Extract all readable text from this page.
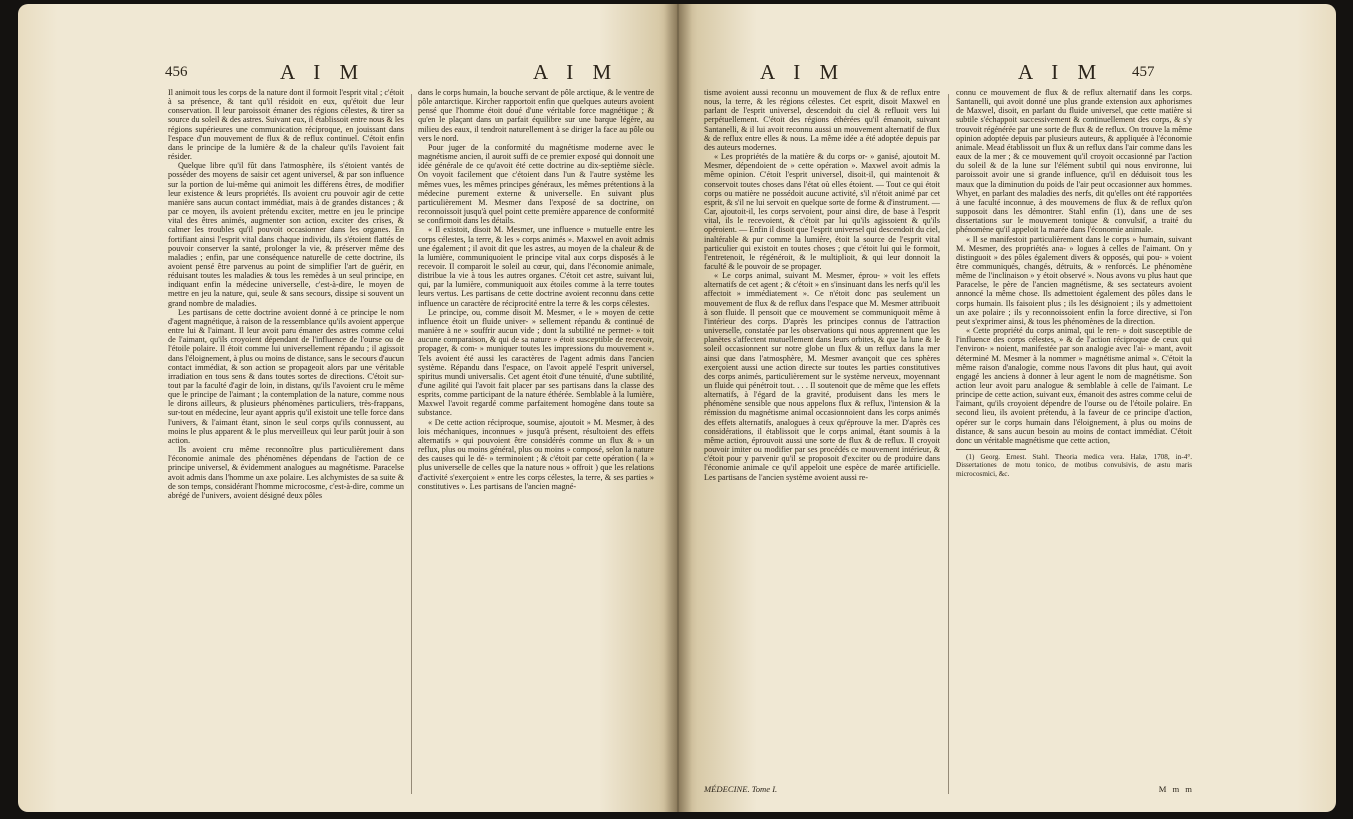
456	A I M	A I M

Il animoit tous les corps de la nature dont il formoit l'esprit vital ; c'étoit à sa présence, & tant qu'il résidoit en eux, qu'étoit due leur conservation. Il leur paroissoit émaner des régions célestes, & tirer sa source du soleil & des astres. Suivant eux, il établissoit entre nous & les régions supérieures une communication réciproque, en jouissant dans l'espace d'un mouvement de flux & de reflux continuel. C'étoit enfin dans le principe de la lumière & de la chaleur qu'ils l'avoient fait résider.

Quelque libre qu'il fût dans l'atmosphère, ils s'étoient vantés de posséder des moyens de saisir cet agent universel, & par son influence sur la portion de lui-même qui animoit les différens êtres, de modifier leur existence & leurs propriétés. Ils avoient cru pouvoir agir de cette manière sans aucun contact immédiat, mais à de grandes distances ; & par ce moyen, ils avoient prétendu exciter, mettre en jeu le principe vital des êtres animés, augmenter son action, exciter des crises, & calmer les troubles qu'il pouvoit occasionner dans les organes. En fortifiant ainsi l'esprit vital dans chaque individu, ils s'étoient flattés de pouvoir conserver la santé, prolonger la vie, & préserver même des maladies ; enfin, par une conséquence naturelle de cette doctrine, ils avoient pensé être parvenus au point de simplifier l'art de guérir, en réduisant toutes les maladies & tous les remèdes à un seul principe, en indiquant enfin la médecine universelle, c'est-à-dire, le moyen de mettre en jeu la nature, qui, seule & sans secours, dissipe si souvent un grand nombre de maladies.

Les partisans de cette doctrine avoient donné à ce principe le nom d'agent magnétique, à raison de la ressemblance qu'ils avoient apperçue entre lui & l'aimant. Il leur avoit paru émaner des astres comme celui de l'aimant, qu'ils croyoient dépendant de l'influence de l'ourse ou de l'étoile polaire. Il étoit comme lui universellement répandu ; il agissoit dans l'éloignement, à plus ou moins de distance, sans le secours d'aucun contact immédiat, & son action se propageoit alors par une véritable irradiation en tous sens & dans toutes sortes de directions. C'étoit sur-tout par la faculté d'agir de loin, in distans, qu'ils l'avoient cru le même que le principe de l'aimant ; la contemplation de la nature, comme nous le dirons ailleurs, & plusieurs phénomènes particuliers, très-frappans, sur-tout en médecine, leur ayant appris qu'il existoit une telle force dans l'univers, & l'aimant étant, sinon le seul corps qu'ils connussent, au moins le plus apparent & le plus merveilleux qui leur parût jouir à son action.

Ils avoient cru même reconnoître plus particulièrement dans l'économie animale des phénomènes dépendans de l'action de ce principe universel, & évidemment analogues au magnétisme. Paracelse avoit admis dans l'homme un axe polaire. Les alchymistes de sa suite & de son temps, considérant l'homme microcosme, c'est-à-dire, comme un abrégé de l'univers, avoient désigné deux pôles

dans le corps humain, la bouche servant de pôle arctique, & le ventre de pôle antarctique. Kircher rapportoit enfin que quelques auteurs avoient pensé que l'homme étoit doué d'une véritable force magnétique ; & qu'en le plaçant dans un parfait équilibre sur une barque légère, au milieu des eaux, il tendroit naturellement à se diriger la face au pôle ou vers le nord.

Pour juger de la conformité du magnétisme moderne avec le magnétisme ancien, il auroit suffi de ce premier exposé qui donnoit une idée générale de ce qu'avoit été cette doctrine au dix-septième siècle. On voyoit facilement que c'étoient dans l'un & l'autre système les mêmes vues, les mêmes principes généraux, les mêmes prétentions à la médecine purement externe & universelle. En suivant plus particulièrement M. Mesmer dans l'exposé de sa doctrine, on reconnoissoit jusqu'à quel point cette première apparence de conformité se confirmoit dans les détails.

« Il existoit, disoit M. Mesmer, une influence » mutuelle entre les corps célestes, la terre, & les » corps animés ». Maxwel en avoit admis une également ; il avoit dit que les astres, au moyen de la chaleur & de la lumière, communiquoient le principe vital aux corps disposés à le recevoir. Il comparoit le soleil au cœur, qui, dans l'économie animale, distribue la vie à tous les autres organes. C'étoit cet astre, suivant lui, qui, par la lumière, communiquoit aux étoiles comme à la terre toutes leurs vertus. Les partisans de cette doctrine avoient reconnu dans cette influence un caractère de réciprocité entre la terre & les corps célestes.

Le principe, ou, comme disoit M. Mesmer, « le » moyen de cette influence étoit un fluide univer- » sellement répandu & continué de manière à ne » souffrir aucun vide ; dont la subtilité ne permet- » toit aucune comparaison, & qui de sa nature » étoit susceptible de recevoir, propager, & com- » muniquer toutes les impressions du mouvement ». Tels avoient été aussi les caractères de l'agent admis dans l'ancien système. Répandu dans l'espace, on l'avoit appelé l'esprit universel, spiritus mundi universalis. Cet agent étoit d'une ténuité, d'une subtilité, d'une agilité qui l'avoit fait placer par ses partisans dans la classe des esprits, comme participant de la nature éthérée. Semblable à la lumière, Maxwel l'avoit regardé comme parfaitement homogène dans toute sa substance.

« De cette action réciproque, soumise, ajoutoit » M. Mesmer, à des lois méchaniques, inconnues » jusqu'à présent, résultoient des effets alternatifs » qui pouvoient être considérés comme un flux & » un reflux, plus ou moins général, plus ou moins » composé, selon la nature des causes qui le dé- » terminoient ; & c'étoit par cette opération ( la » plus universelle de celles que la nature nous » offroit ) que les relations d'activité s'exerçoient » entre les corps célestes, la terre, & ses parties » constitutives ». Les partisans de l'ancien magné-

A I M	A I M 457

tisme avoient aussi reconnu un mouvement de flux & de reflux entre nous, la terre, & les régions célestes. Cet esprit, disoit Maxwel en parlant de l'esprit universel, descendoit du ciel & refluoit vers lui perpétuellement. C'étoit des régions éthérées qu'il émanoit, suivant Santanelli, & il lui avoit reconnu aussi un mouvement alternatif de flux & de reflux entre elles & nous. La même idée a été adoptée depuis par des auteurs modernes.

« Les propriétés de la matière & du corps or- » ganisé, ajoutoit M. Mesmer, dépendoient de » cette opération ». Maxwel avoit admis la même opinion. C'étoit l'esprit universel, disoit-il, qui maintenoit & conservoit toutes choses dans l'état où elles étoient. — Tout ce qui étoit corps ou matière ne possédoit aucune activité, s'il n'étoit animé par cet esprit, & s'il ne lui servoit en quelque sorte de forme & d'instrument. — Car, ajoutoit-il, les corps servoient, pour ainsi dire, de base à l'esprit vital, ils le recevoient, & c'étoit par lui qu'ils agissoient & qu'ils opéroient. — Enfin il disoit que l'esprit universel qui descendoit du ciel, inaltérable & pur comme la lumière, étoit la source de l'esprit vital particulier qui existoit en toutes choses ; que c'étoit lui qui le formoit, l'entretenoit, le régénéroit, & le multiplioit, & qui leur donnoit la faculté & le pouvoir de se propager.

« Le corps animal, suivant M. Mesmer, éprou- » voit les effets alternatifs de cet agent ; & c'étoit » en s'insinuant dans les nerfs qu'il les affectoit » immédiatement ». Ce n'étoit donc pas seulement un mouvement de flux & de reflux dans l'espace que M. Mesmer attribuoit à son fluide. Il pensoit que ce mouvement se communiquoit même à l'intérieur des corps. D'après les principes connus de l'attraction universelle, constatée par les observations qui nous apprennent que les planètes s'affectent mutuellement dans leurs orbites, & que la lune & le soleil occasionnent sur notre globe un flux & un reflux dans la mer ainsi que dans l'atmosphère, M. Mesmer avançoit que ces sphères exerçoient aussi une action directe sur toutes les parties constitutives des corps animés, particulièrement sur le système nerveux, moyennant un fluide qui pénétroit tout. . . . Il soutenoit que de même que les effets alternatifs, à l'égard de la gravité, produisent dans les mers le phénomène sensible que nous appelons flux & reflux, l'intension & la rémission du magnétisme animal occasionnoient dans les corps animés des effets alternatifs, analogues à ceux qu'éprouve la mer. D'après ces considérations, il établissoit que le corps animal, étant soumis à la même action, éprouvoit aussi une sorte de flux & de reflux. Il croyoit pouvoir imiter ou modifier par ses procédés ce mouvement intérieur, & c'étoit pour y parvenir qu'il se proposoit d'exciter ou de produire dans l'économie animale ce qu'il appeloit une espèce de marée artificielle. Les partisans de l'ancien système avoient aussi re-

connu ce mouvement de flux & de reflux alternatif dans les corps. Santanelli, qui avoit donné une plus grande extension aux aphorismes de Maxwel, disoit, en parlant du fluide universel, que cette matière si subtile s'échappoit successivement & continuellement des corps, & s'y trouvoit régénérée par une sorte de flux & de reflux. On trouve la même opinion adoptée depuis par plusieurs auteurs, & appliquée à l'économie animale. Mead établissoit un flux & un reflux dans l'air comme dans les eaux de la mer ; & ce mouvement qu'il croyoit occasionné par l'action du soleil & de la lune sur l'élément subtil qui nous environne, lui paroissoit avoir une si grande influence, qu'il en déduisoit tous les maux que la diminution du poids de l'air peut occasionner aux hommes. Whyet, en parlant des maladies des nerfs, dit qu'elles ont été rapportées à une faculté inconnue, à des mouvemens de flux & de reflux qu'on supposoit dans les démontrer. Stahl enfin (1), dans une de ses dissertations sur le mouvement tonique & convulsif, a traité du phénomène qu'il appeloit la marée dans l'économie animale.

« Il se manifestoit particulièrement dans le corps » humain, suivant M. Mesmer, des propriétés ana- » logues à celles de l'aimant. On y distinguoit » des pôles également divers & opposés, qui pou- » voient être communiqués, changés, détruits, & » renforcés. Le phénomène même de l'inclinaison » y étoit observé ». Nous avons vu plus haut que Paracelse, le père de l'ancien magnétisme, & ses sectateurs avoient annoncé la même chose. Ils admettoient également des pôles dans le corps humain. Ils faisoient plus ; ils les désignoient ; ils y admettoient un axe polaire ; ils y reconnoissoient enfin la force directive, si l'on peut s'exprimer ainsi, & tous les phénomènes de la direction.

« Cette propriété du corps animal, qui le ren- » doit susceptible de l'influence des corps célestes, » & de l'action réciproque de ceux qui l'environ- » noient, manifestée par son analogie avec l'ai- » mant, avoit déterminé M. Mesmer à la nommer » magnétisme animal ». C'étoit la même raison d'analogie, comme nous l'avons dit plus haut, qui avoit engagé les anciens à donner à leur agent le nom de magnétisme. Son action leur avoit paru analogue & semblable à celle de l'aimant. Le principe de cette action, suivant eux, émanoit des astres comme celui de l'aimant, qu'ils croyoient dépendre de l'ourse ou de l'étoile polaire. En second lieu, ils avoient prétendu, à la faveur de ce principe d'action, opérer sur le corps humain dans l'éloignement, à plus ou moins de distance, & sans aucun besoin au moins de contact immédiat. C'étoit donc un véritable magnétisme que cette action,

(1) Georg. Ernest. Stahl. Theoria medica vera. Halæ, 1708, in-4°. Dissertationes de motu tonico, de motibus convulsivis, de æstu maris microcosmici, &c.

MÉDECINE. Tome I.	M m m
